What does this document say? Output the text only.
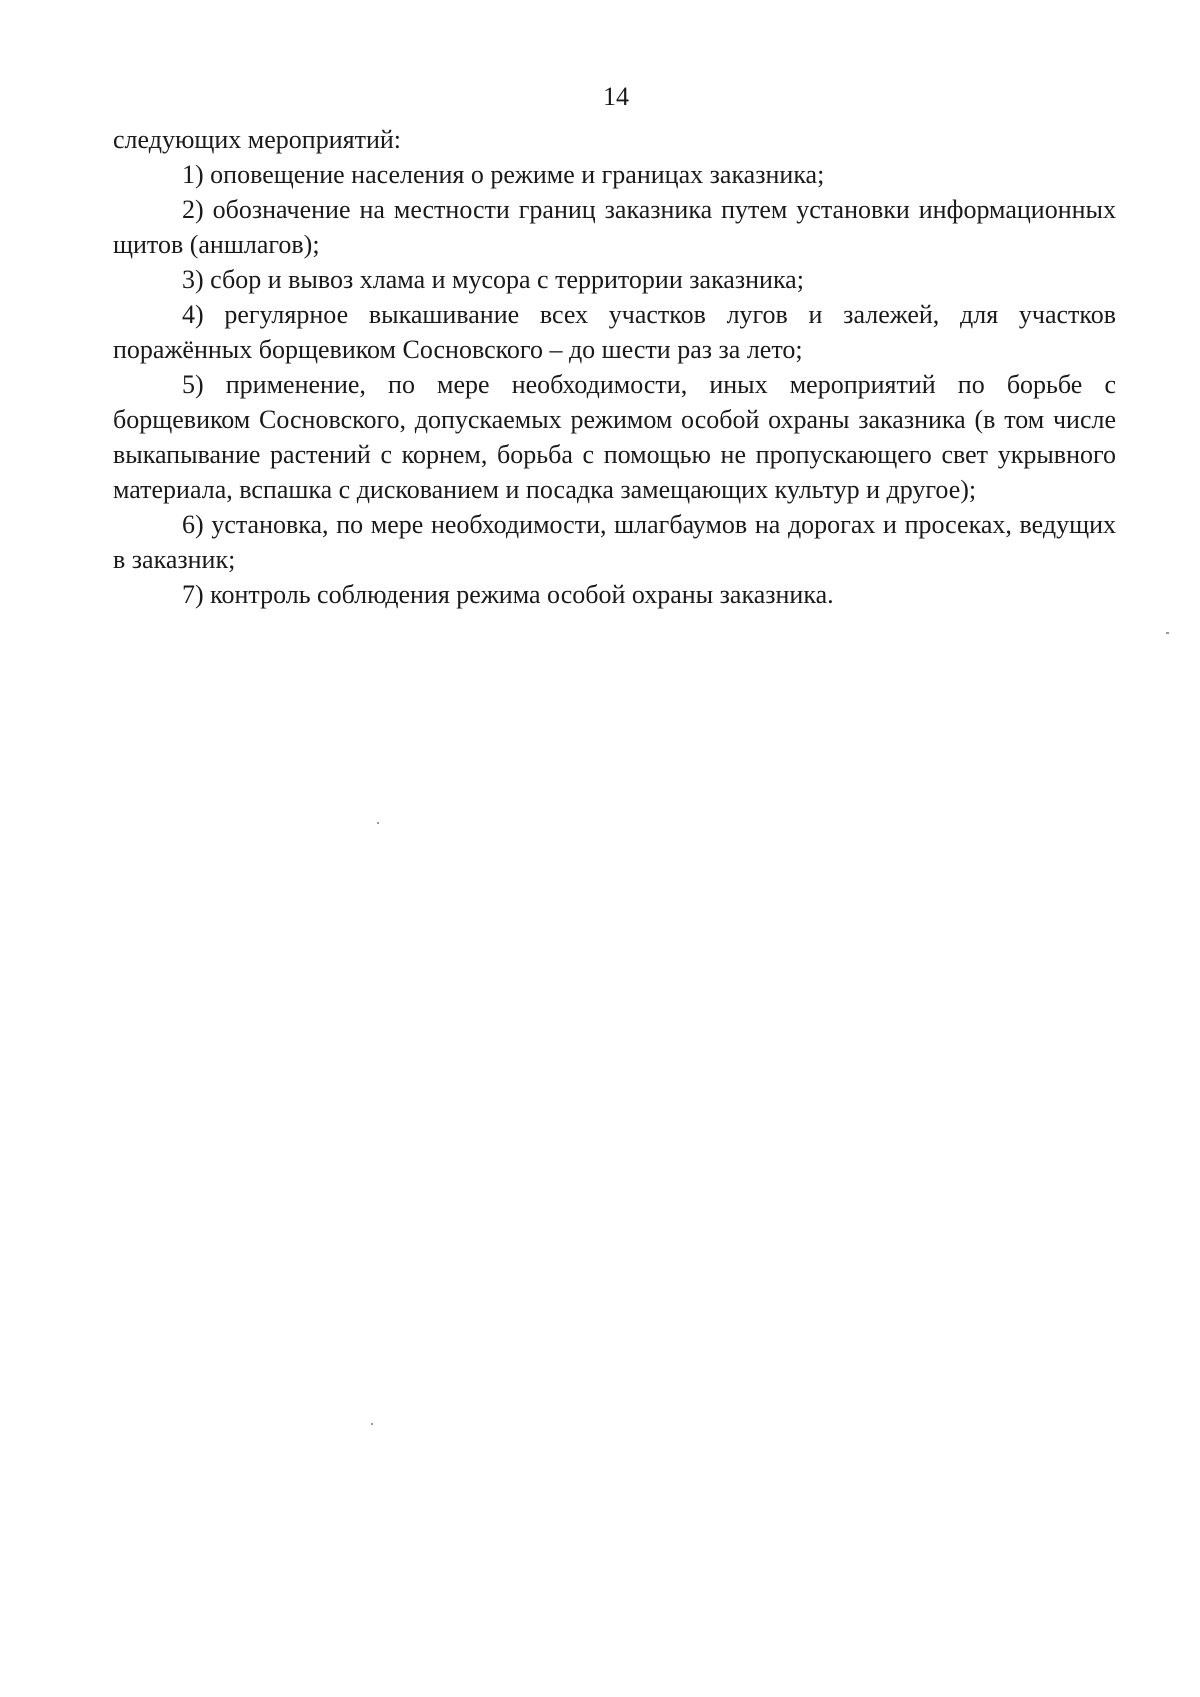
14

следующих мероприятий:

1) оповещение населения о режиме и границах заказника;

2) обозначение на местности границ заказника путем установки информационных щитов (аншлагов);

3) сбор и вывоз хлама и мусора с территории заказника;

4) регулярное выкашивание всех участков лугов и залежей, для участков поражённых борщевиком Сосновского – до шести раз за лето;

5) применение, по мере необходимости, иных мероприятий по борьбе с борщевиком Сосновского, допускаемых режимом особой охраны заказника (в том числе выкапывание растений с корнем, борьба с помощью не пропускающего свет укрывного материала, вспашка с дискованием и посадка замещающих культур и другое);

6) установка, по мере необходимости, шлагбаумов на дорогах и просеках, ведущих в заказник;

7) контроль соблюдения режима особой охраны заказника.
